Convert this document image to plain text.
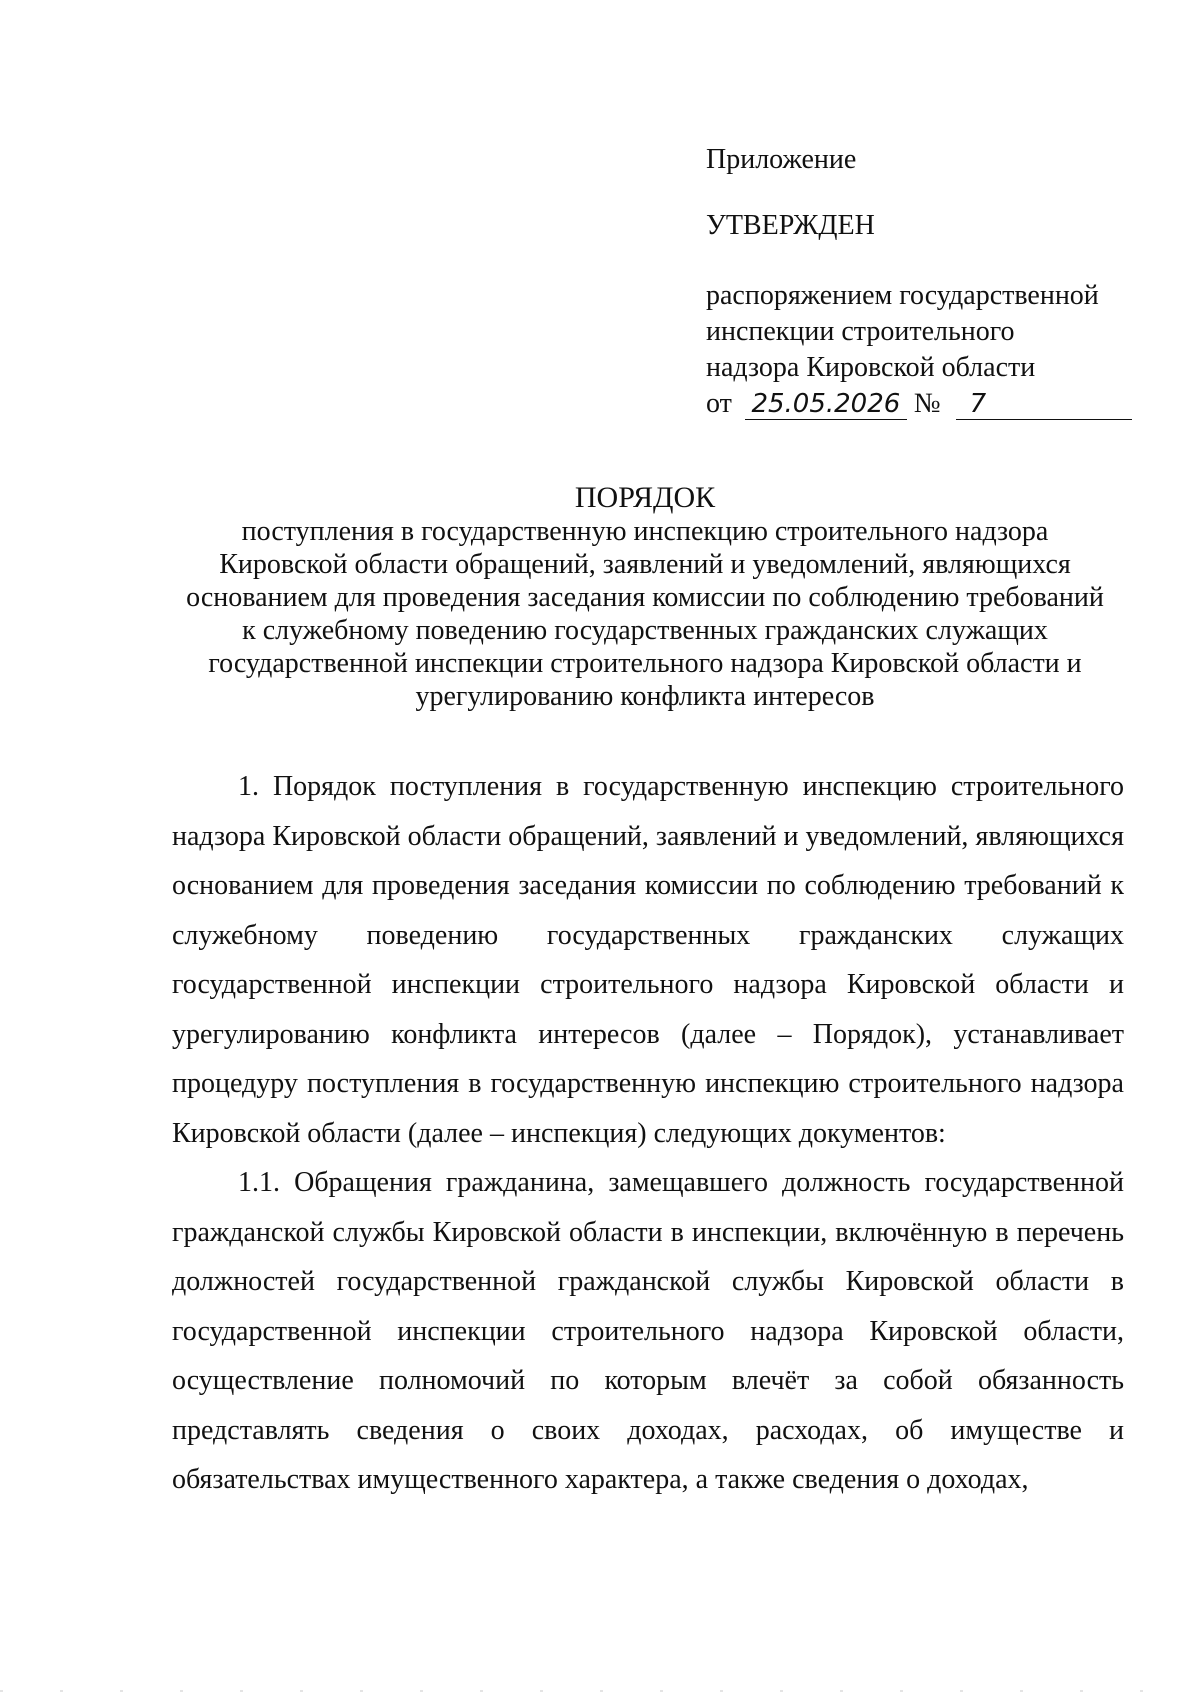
Приложение

УТВЕРЖДЕН

распоряжением государственной
инспекции строительного
надзора Кировской области
от 25.05.2026 № 7

ПОРЯДОК
поступления в государственную инспекцию строительного надзора
Кировской области обращений, заявлений и уведомлений, являющихся
основанием для проведения заседания комиссии по соблюдению требований
к служебному поведению государственных гражданских служащих
государственной инспекции строительного надзора Кировской области и
урегулированию конфликта интересов

1. Порядок поступления в государственную инспекцию строительного надзора Кировской области обращений, заявлений и уведомлений, являющихся основанием для проведения заседания комиссии по соблюдению требований к служебному поведению государственных гражданских служащих государственной инспекции строительного надзора Кировской области и урегулированию конфликта интересов (далее – Порядок), устанавливает процедуру поступления в государственную инспекцию строительного надзора Кировской области (далее – инспекция) следующих документов:

1.1. Обращения гражданина, замещавшего должность государственной гражданской службы Кировской области в инспекции, включённую в перечень должностей государственной гражданской службы Кировской области в государственной инспекции строительного надзора Кировской области, осуществление полномочий по которым влечёт за собой обязанность представлять сведения о своих доходах, расходах, об имуществе и обязательствах имущественного характера, а также сведения о доходах,
